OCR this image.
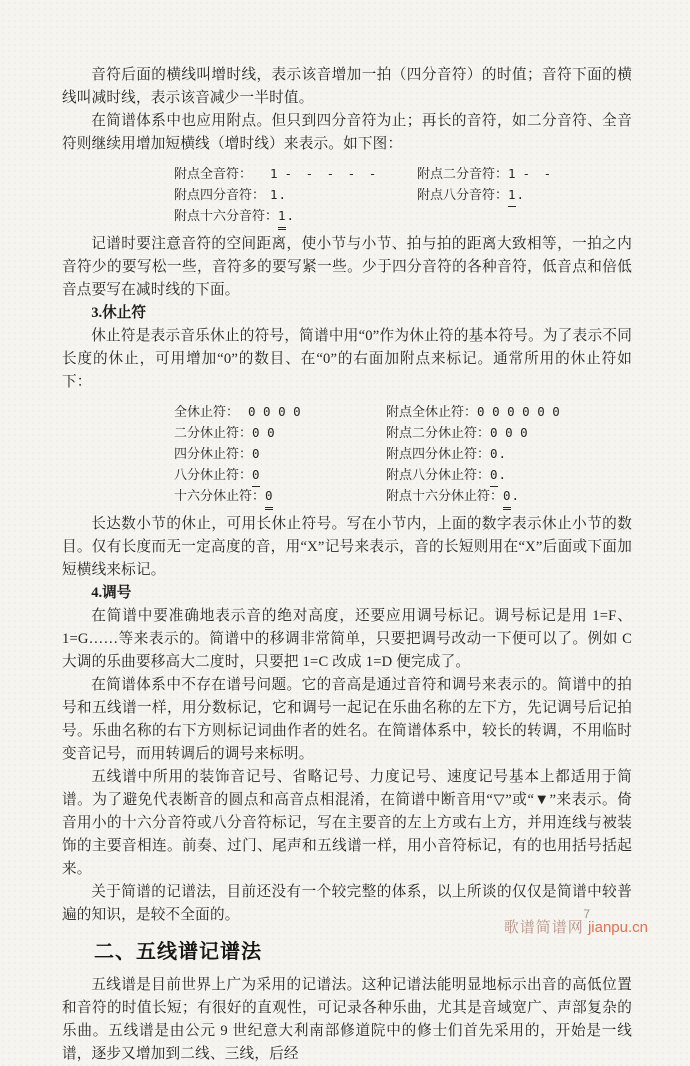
音符后面的横线叫增时线，表示该音增加一拍（四分音符）的时值；音符下面的横线叫减时线，表示该音减少一半时值。

在简谱体系中也应用附点。但只到四分音符为止；再长的音符，如二分音符、全音符则继续用增加短横线（增时线）来表示。如下图：

附点全音符：	1 - - - - -	附点二分音符： 1 - -
附点四分音符： 1 .	附点八分音符： 1 .
附点十六分音符： 1 .

记谱时要注意音符的空间距离，使小节与小节、拍与拍的距离大致相等，一拍之内音符少的要写松一些，音符多的要写紧一些。少于四分音符的各种音符，低音点和倍低音点要写在减时线的下面。

3.休止符

休止符是表示音乐休止的符号，简谱中用“0”作为休止符的基本符号。为了表示不同长度的休止，可用增加“0”的数目、在“0”的右面加附点来标记。通常所用的休止符如下：

全休止符： 0 0 0 0	附点全休止符： 0 0 0 0 0 0
二分休止符： 0 0	附点二分休止符： 0 0 0
四分休止符： 0	附点四分休止符： 0 .
八分休止符： 0	附点八分休止符： 0 .
十六分休止符： 0	附点十六分休止符： 0 .

长达数小节的休止，可用长休止符号。写在小节内，上面的数字表示休止小节的数目。仅有长度而无一定高度的音，用“X”记号来表示，音的长短则用在“X”后面或下面加短横线来标记。

4.调号

在简谱中要准确地表示音的绝对高度，还要应用调号标记。调号标记是用 1=F、1=G……等来表示的。简谱中的移调非常简单，只要把调号改动一下便可以了。例如 C 大调的乐曲要移高大二度时，只要把 1=C 改成 1=D 便完成了。

在简谱体系中不存在谱号问题。它的音高是通过音符和调号来表示的。简谱中的拍号和五线谱一样，用分数标记，它和调号一起记在乐曲名称的左下方，先记调号后记拍号。乐曲名称的右下方则标记词曲作者的姓名。在简谱体系中，较长的转调，不用临时变音记号，而用转调后的调号来标明。

五线谱中所用的装饰音记号、省略记号、力度记号、速度记号基本上都适用于简谱。为了避免代表断音的圆点和高音点相混淆，在简谱中断音用“▽”或“▼”来表示。倚音用小的十六分音符或八分音符标记，写在主要音的左上方或右上方，并用连线与被装饰的主要音相连。前奏、过门、尾声和五线谱一样，用小音符标记，有的也用括号括起来。

关于简谱的记谱法，目前还没有一个较完整的体系，以上所谈的仅仅是简谱中较普遍的知识，是较不全面的。

二、五线谱记谱法

五线谱是目前世界上广为采用的记谱法。这种记谱法能明显地标示出音的高低位置和音符的时值长短；有很好的直观性，可记录各种乐曲，尤其是音域宽广、声部复杂的乐曲。五线谱是由公元 9 世纪意大利南部修道院中的修士们首先采用的，开始是一线谱，逐步又增加到二线、三线，后经

7
歌谱简谱网 jianpu.cn
